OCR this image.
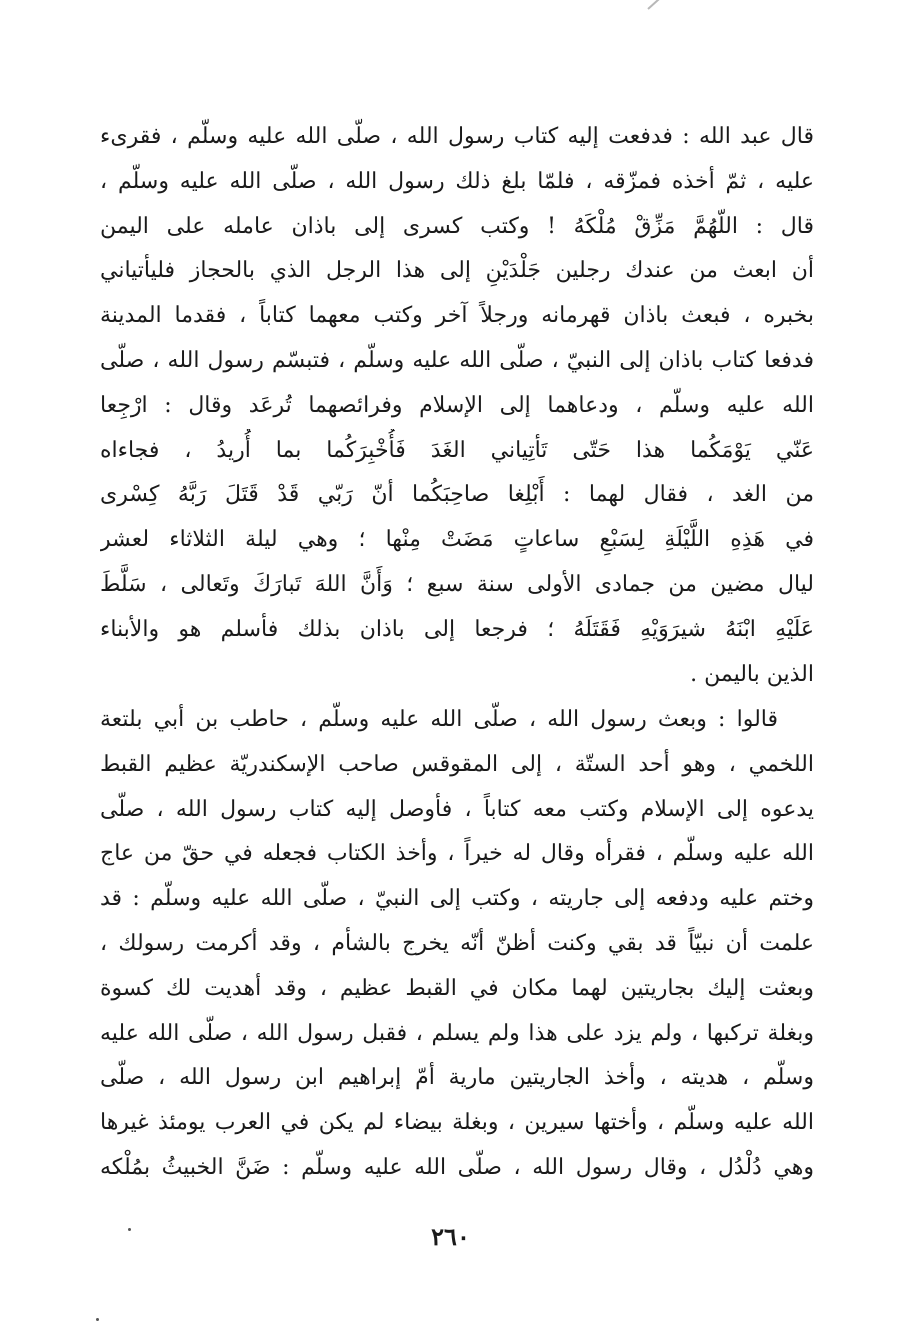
قال عبد الله : فدفعت إليه كتاب رسول الله ، صلّى الله عليه وسلّم ، فقرىء
عليه ، ثمّ أخذه فمزّقه ، فلمّا بلغ ذلك رسول الله ، صلّى الله عليه وسلّم ،
قال : اللّهُمَّ مَزِّقْ مُلْكَهُ ! وكتب كسرى إلى باذان عامله على اليمن
أن ابعث من عندك رجلين جَلْدَيْنِ إلى هذا الرجل الذي بالحجاز فليأتياني
بخبره ، فبعث باذان قهرمانه ورجلاً آخر وكتب معهما كتاباً ، فقدما المدينة
فدفعا كتاب باذان إلى النبيّ ، صلّى الله عليه وسلّم ، فتبسّم رسول الله ، صلّى
الله عليه وسلّم ، ودعاهما إلى الإسلام وفرائصهما تُرعَد وقال : ارْجِعا
عَنّي يَوْمَكُما هذا حَتّى تَأتِياني الغَدَ فَأُخْبِرَكُما بما أُريدُ ، فجاءاه
من الغد ، فقال لهما : أَبْلِغا صاحِبَكُما أنّ رَبّي قَدْ قَتَلَ رَبَّهُ كِسْرى
في هَذِهِ اللَّيْلَةِ لِسَبْعِ ساعاتٍ مَضَتْ مِنْها ؛ وهي ليلة الثلاثاء لعشر
ليال مضين من جمادى الأولى سنة سبع ؛ وَأَنَّ اللهَ تَبارَكَ وتَعالى ، سَلَّطَ
عَلَيْهِ ابْنَهُ شيرَوَيْهِ فَقَتَلَهُ ؛ فرجعا إلى باذان بذلك فأسلم هو والأبناء
الذين باليمن .
قالوا : وبعث رسول الله ، صلّى الله عليه وسلّم ، حاطب بن أبي بلتعة
اللخمي ، وهو أحد الستّة ، إلى المقوقس صاحب الإسكندريّة عظيم القبط
يدعوه إلى الإسلام وكتب معه كتاباً ، فأوصل إليه كتاب رسول الله ، صلّى
الله عليه وسلّم ، فقرأه وقال له خيراً ، وأخذ الكتاب فجعله في حقّ من عاج
وختم عليه ودفعه إلى جاريته ، وكتب إلى النبيّ ، صلّى الله عليه وسلّم : قد
علمت أن نبيّاً قد بقي وكنت أظنّ أنّه يخرج بالشأم ، وقد أكرمت رسولك ،
وبعثت إليك بجاريتين لهما مكان في القبط عظيم ، وقد أهديت لك كسوة
وبغلة تركبها ، ولم يزد على هذا ولم يسلم ، فقبل رسول الله ، صلّى الله عليه
وسلّم ، هديته ، وأخذ الجاريتين مارية أمّ إبراهيم ابن رسول الله ، صلّى
الله عليه وسلّم ، وأختها سيرين ، وبغلة بيضاء لم يكن في العرب يومئذ غيرها
وهي دُلْدُل ، وقال رسول الله ، صلّى الله عليه وسلّم : ضَنَّ الخبيثُ بمُلْكه
٢٦٠
